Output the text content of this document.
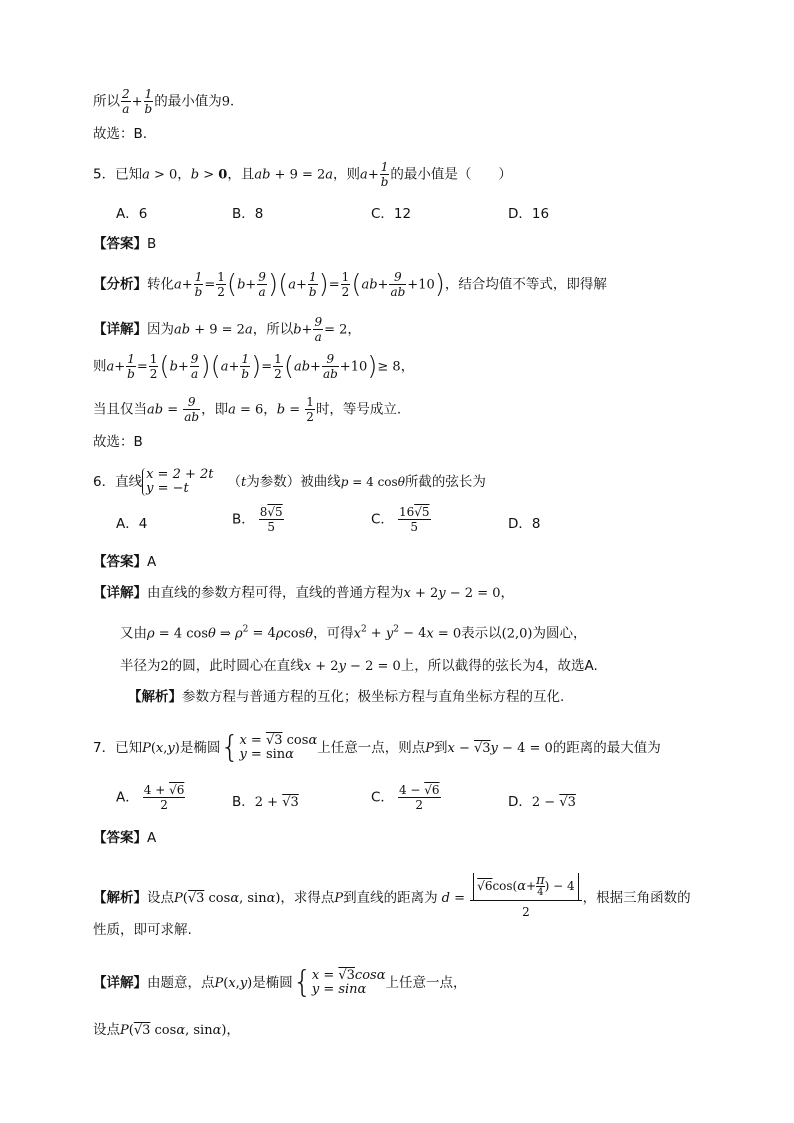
所以 $\frac{2}{a} + \frac{1}{b}$ 的最小值为9.
故选：B.
5．已知a > 0，b > 0，且ab + 9 = 2a，则$a+ \frac{1}{b}$ 的最小值是（　　）
A．6	B．8	C．12	D．16
【答案】B
【分析】转化$a+ \frac{1}{b} = \frac{1}{2} (b+ \frac{9}{a} )(a+ \frac{1}{b}$ )= $\frac{1}{2} (ab+ \frac{9}{ab} +10)$，结合均值不等式，即得解
【详解】因为ab + 9 = 2a，所以$b+ \frac{9}{a} = 2$，
则$a+ \frac{1}{b} = \frac{1}{2} (b+ \frac{9}{a} )(a+ \frac{1}{b}$ )= $\frac{1}{2} (ab+ \frac{9}{ab} +10)\ge 8$，
当且仅当ab = $\frac{9}{ab}$ ，即a = 6，$b = \frac{1}{2}$ 时，等号成立.
故选：B
6．直线 x = 2 + 2t
y = −t	（t为参数）被曲线p = 4 cosθ所截的弦长为
A．4	B． $\frac{8√5}{5}$	C． $\frac{16√5}{5}$	D．8
【答案】A
【详解】由直线的参数方程可得，直线的普通方程为x + 2y − 2 = 0，
又由ρ = 4 cosθ ⇒ $\rho^2 = 4\rho\cos\theta$，可得$x^2 + y^2 - 4x = 0$表示以(2,0)为圆心，
半径为2的圆，此时圆心在直线x + 2y − 2 = 0上，所以截得的弦长为4，故选A.
【解析】参数方程与普通方程的互化；极坐标方程与直角坐标方程的互化.
7．已知P(x,y)是椭圆{ x = √3 cosα
y = sinα	上任意一点，则点P到x − √3y − 4 = 0的距离的最大值为
A． $\frac{4 + √6}{2}$	B．2 + √3	C． $\frac{4 - √6}{2}$	D．2 − √3
【答案】A
【解析】设点P(√3 cosα, sinα)，求得点P到直线的距离为 d = √6cos(α+ π
4 ) − 4
2 ，根据三角函数的
性质，即可求解.
【详解】由题意，点P(x,y)是椭圆{ x = √3cosα
y = sinα	上任意一点，
设点P(√3 cosα, sinα)，
